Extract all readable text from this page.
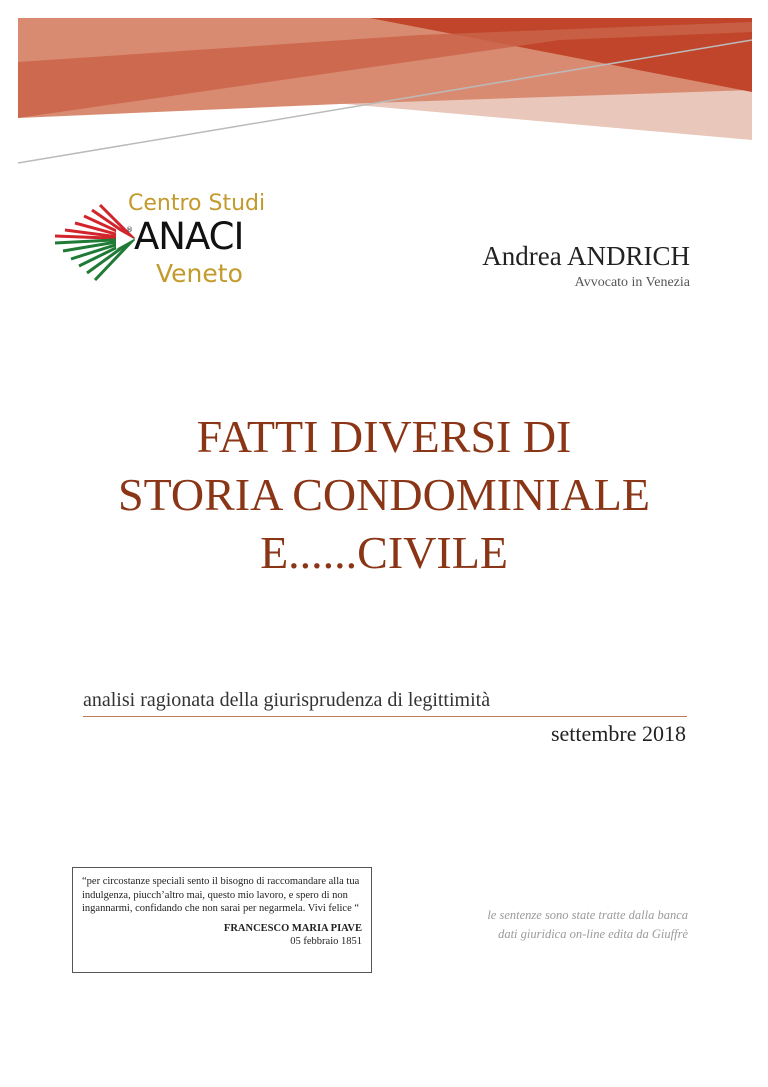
Centro Studi
® ANACI
Veneto
Andrea ANDRICH
Avvocato in Venezia
FATTI DIVERSI DI
STORIA CONDOMINIALE
E......CIVILE
analisi ragionata della giurisprudenza di legittimità
settembre 2018
“per circostanze speciali sento il bisogno di raccomandare alla tua indulgenza, piucch’altro mai, questo mio lavoro, e spero di non ingannarmi, confidando che non sarai per negarmela. Vivi felice “
FRANCESCO MARIA PIAVE
05 febbraio 1851
le sentenze sono state tratte dalla banca
dati giuridica on-line edita da Giuffrè
